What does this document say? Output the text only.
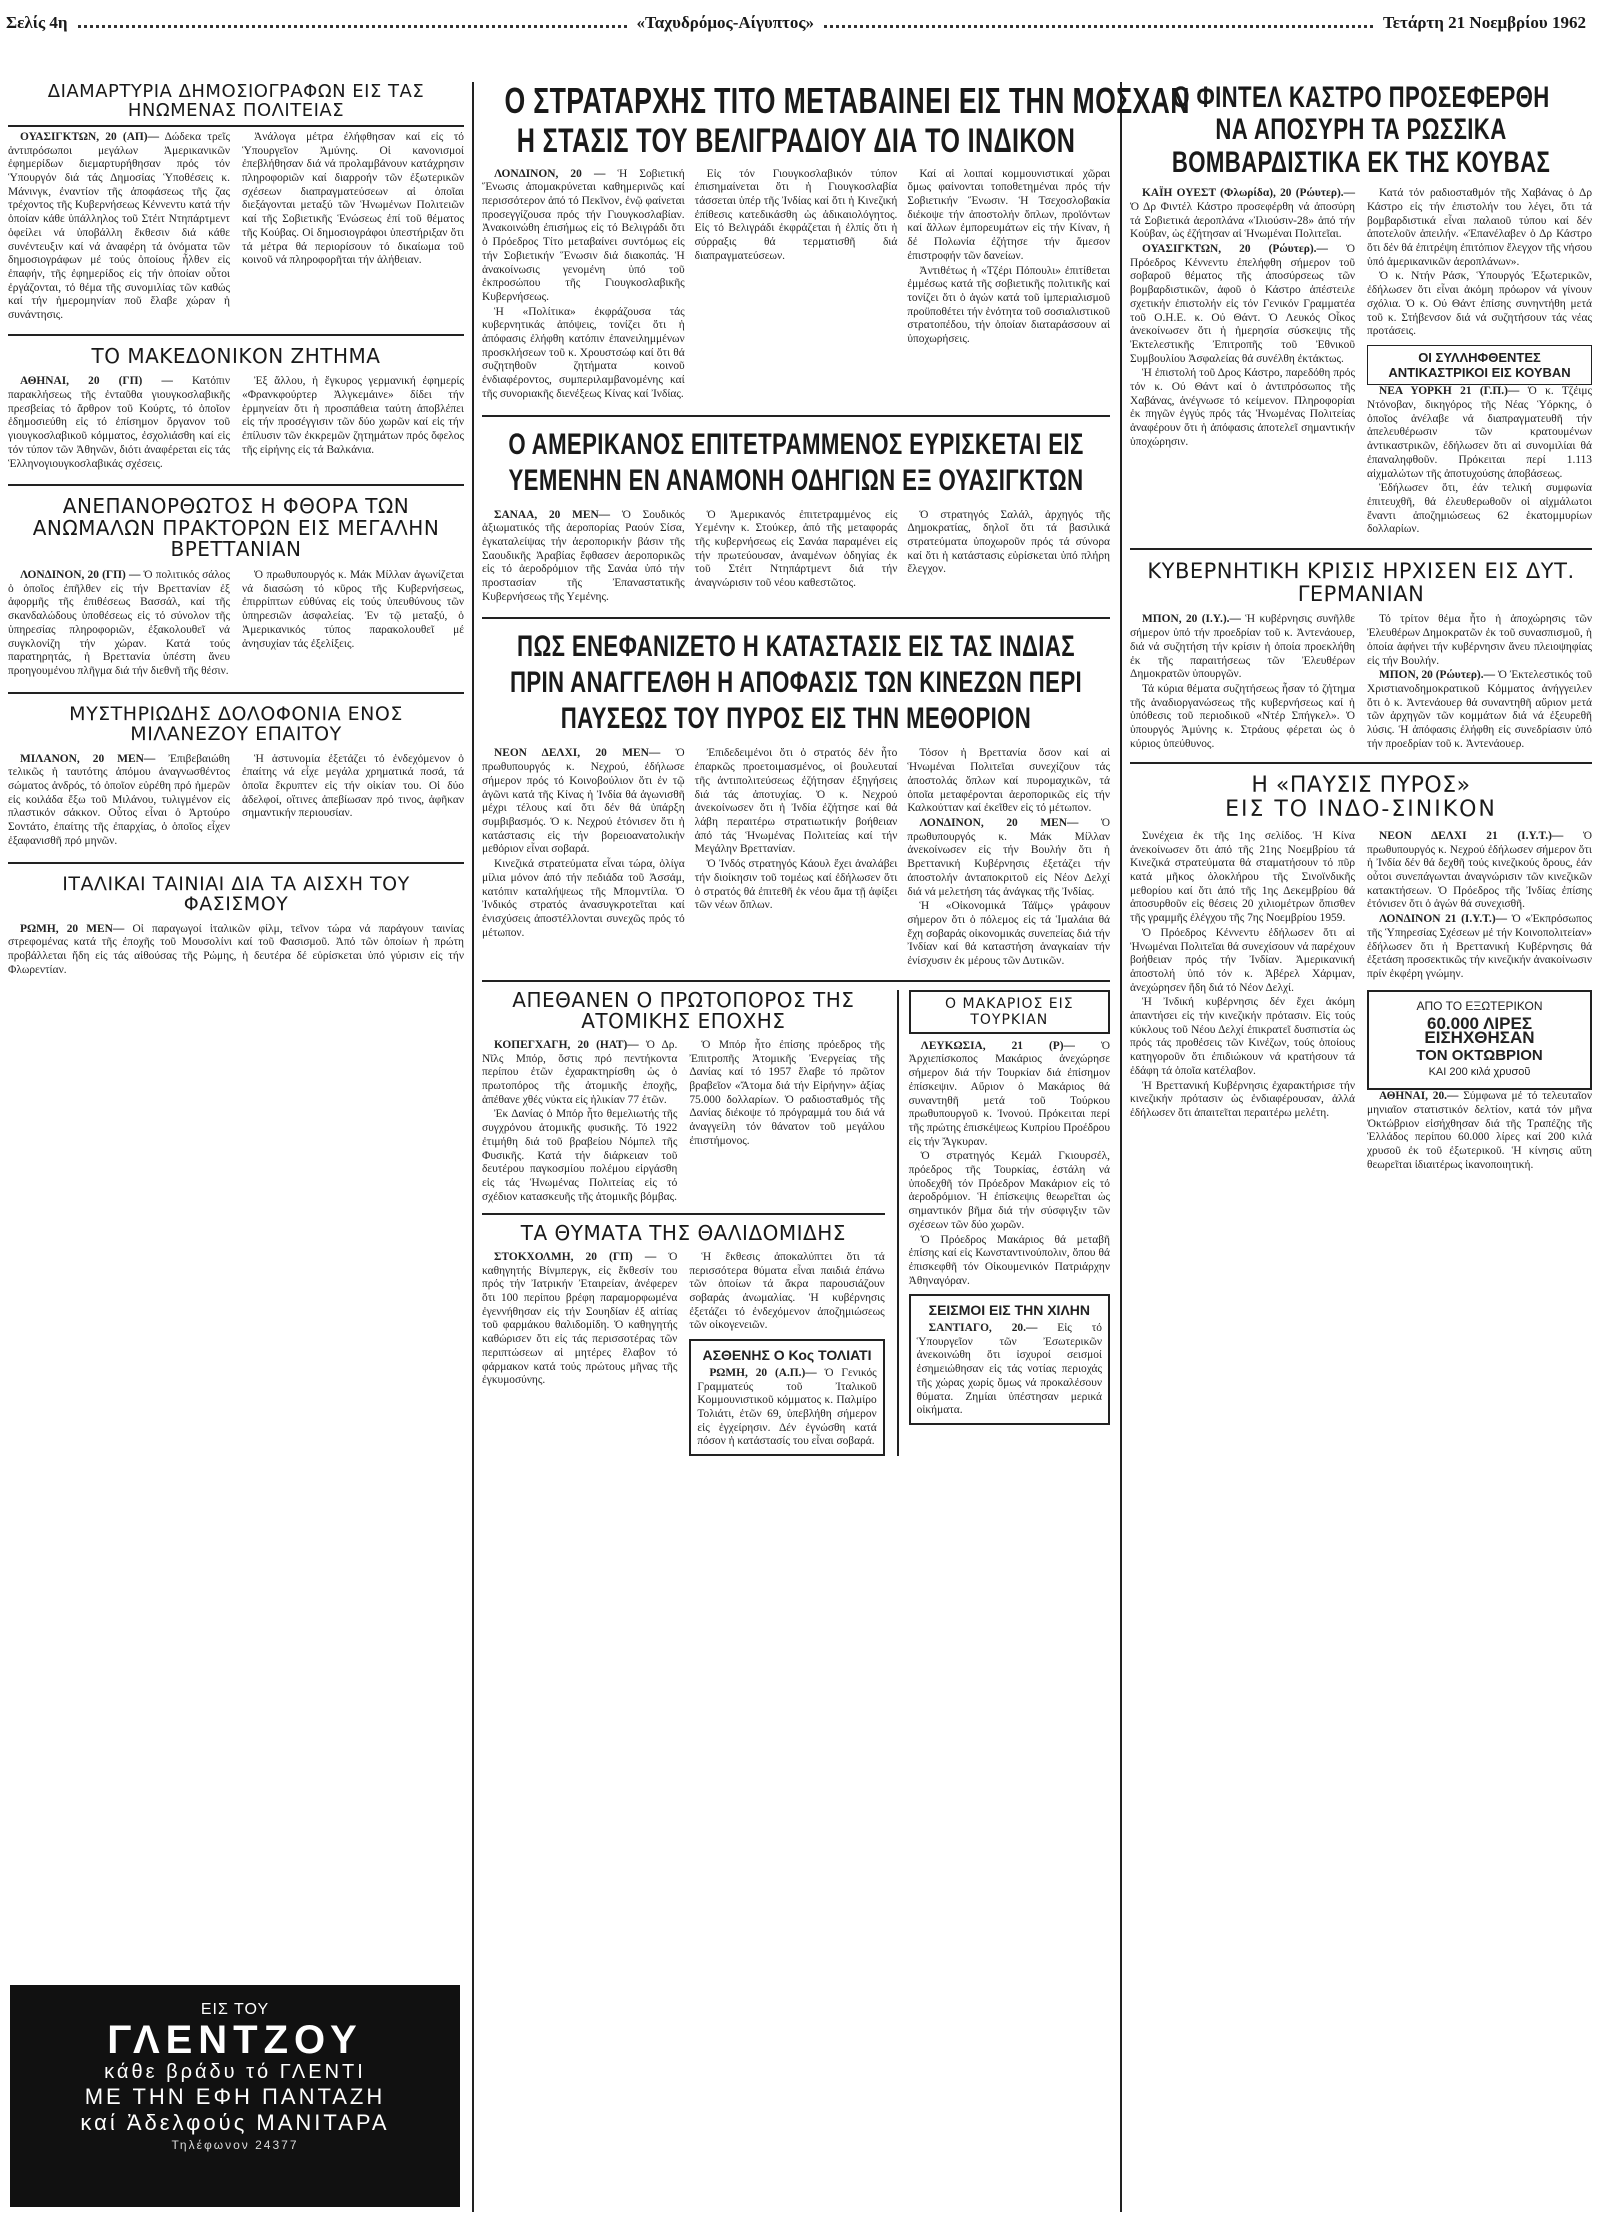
Σελίς 4η	«Ταχυδρόμος-Αίγυπτος»	Τετάρτη 21 Νοεμβρίου 1962
ΔΙΑΜΑΡΤΥΡΙΑ ΔΗΜΟΣΙΟΓΡΑΦΩΝ ΕΙΣ ΤΑΣ ΗΝΩΜΕΝΑΣ ΠΟΛΙΤΕΙΑΣ

ΟΥΑΣΙΓΚΤΩΝ, 20 (ΑΠ)— Δώδεκα τρεῖς ἀντιπρόσωποι μεγάλων Ἀμερικανικῶν ἐφημερίδων διεμαρτυρήθησαν πρός τόν Ὑπουργόν διά τάς Δημοσίας Ὑποθέσεις κ. Μάνινγκ, ἐναντίον τῆς ἀποφάσεως τῆς ζας τρέχοντος τῆς Κυβερνήσεως Κέννεντυ κατά τήν ὁποίαν κάθε ὑπάλληλος τοῦ Στέιτ Ντηπάρτμεντ ὀφείλει νά ὑποβάλλη ἔκθεσιν διά κάθε συνέντευξιν καί νά ἀναφέρη τά ὀνόματα τῶν δημοσιογράφων μέ τούς ὁποίους ἦλθεν εἰς ἐπαφήν, τῆς ἐφημερίδος εἰς τήν ὁποίαν οὗτοι ἐργάζονται, τό θέμα τῆς συνομιλίας τῶν καθώς καί τήν ἡμερομηνίαν ποῦ ἔλαβε χώραν ἡ συνάντησις.

Ἀνάλογα μέτρα ἐλήφθησαν καί εἰς τό Ὑπουργεῖον Ἀμύνης. Οἱ κανονισμοί ἐπεβλήθησαν διά νά προλαμβάνουν κατάχρησιν πληροφοριῶν καί διαρροήν τῶν ἐξωτερικῶν σχέσεων διαπραγματεύσεων αἱ ὁποῖαι διεξάγονται μεταξύ τῶν Ἡνωμένων Πολιτειῶν καί τῆς Σοβιετικῆς Ἑνώσεως ἐπί τοῦ θέματος τῆς Κούβας. Οἱ δημοσιογράφοι ὑπεστήριξαν ὅτι τά μέτρα θά περιορίσουν τό δικαίωμα τοῦ κοινοῦ νά πληροφορῆται τήν ἀλήθειαν.

ΤΟ ΜΑΚΕΔΟΝΙΚΟΝ ΖΗΤΗΜΑ

ΑΘΗΝΑΙ, 20 (ΓΠ) — Κατόπιν παρακλήσεως τῆς ἐνταῦθα γιουγκοσλαβικῆς πρεσβείας τό ἄρθρον τοῦ Κούρτς, τό ὁποῖον ἐδημοσιεύθη εἰς τό ἐπίσημον ὄργανον τοῦ γιουγκοσλαβικοῦ κόμματος, ἐσχολιάσθη καί εἰς τόν τύπον τῶν Ἀθηνῶν, διότι ἀναφέρεται εἰς τάς Ἑλληνογιουγκοσλαβικάς σχέσεις.

Ἐξ ἄλλου, ἡ ἔγκυρος γερμανική ἐφημερίς «Φρανκφούρτερ Ἀλγκεμάινε» δίδει τήν ἑρμηνείαν ὅτι ἡ προσπάθεια ταύτη ἀποβλέπει εἰς τήν προσέγγισιν τῶν δύο χωρῶν καί εἰς τήν ἐπίλυσιν τῶν ἐκκρεμῶν ζητημάτων πρός ὄφελος τῆς εἰρήνης εἰς τά Βαλκάνια.

ΑΝΕΠΑΝΟΡΘΩΤΟΣ Η ΦΘΟΡΑ ΤΩΝ ΑΝΩΜΑΛΩΝ ΠΡΑΚΤΟΡΩΝ ΕΙΣ ΜΕΓΑΛΗΝ ΒΡΕΤΤΑΝΙΑΝ

ΛΟΝΔΙΝΟΝ, 20 (ΓΠ) — Ὁ πολιτικός σάλος ὁ ὁποῖος ἐπῆλθεν εἰς τήν Βρεττανίαν ἐξ ἀφορμῆς τῆς ἐπιθέσεως Βασσάλ, καί τῆς σκανδαλώδους ὑποθέσεως εἰς τό σύνολον τῆς ὑπηρεσίας πληροφοριῶν, ἐξακολουθεῖ νά συγκλονίζη τήν χώραν. Κατά τούς παρατηρητάς, ἡ Βρεττανία ὑπέστη ἄνευ προηγουμένου πλῆγμα διά τήν διεθνῆ τῆς θέσιν.

Ὁ πρωθυπουργός κ. Μάκ Μίλλαν ἀγωνίζεται νά διασώση τό κῦρος τῆς Κυβερνήσεως, ἐπιρρίπτων εὐθύνας εἰς τούς ὑπευθύνους τῶν ὑπηρεσιῶν ἀσφαλείας. Ἐν τῷ μεταξύ, ὁ Ἀμερικανικός τύπος παρακολουθεῖ μέ ἀνησυχίαν τάς ἐξελίξεις.

ΜΥΣΤΗΡΙΩΔΗΣ ΔΟΛΟΦΟΝΙΑ ΕΝΟΣ ΜΙΛΑΝΕΖΟΥ ΕΠΑΙΤΟΥ

ΜΙΛΑΝΟΝ, 20 ΜΕΝ— Ἐπιβεβαιώθη τελικῶς ἡ ταυτότης ἀπόμου ἀναγνωσθέντος σώματος ἀνδρός, τό ὁποῖον εὑρέθη πρό ἡμερῶν εἰς κοιλάδα ἔξω τοῦ Μιλάνου, τυλιγμένον εἰς πλαστικόν σάκκον. Οὗτος εἶναι ὁ Ἀρτούρο Σοντάτο, ἐπαίτης τῆς ἐπαρχίας, ὁ ὁποῖος εἶχεν ἐξαφανισθῆ πρό μηνῶν.

Ἡ ἀστυνομία ἐξετάζει τό ἐνδεχόμενον ὁ ἐπαίτης νά εἶχε μεγάλα χρηματικά ποσά, τά ὁποῖα ἔκρυπτεν εἰς τήν οἰκίαν του. Οἱ δύο ἀδελφοί, οἵτινες ἀπεβίωσαν πρό τινος, ἀφῆκαν σημαντικήν περιουσίαν.

ΙΤΑΛΙΚΑΙ ΤΑΙΝΙΑΙ ΔΙΑ ΤΑ ΑΙΣΧΗ ΤΟΥ ΦΑΣΙΣΜΟΥ

ΡΩΜΗ, 20 ΜΕΝ— Οἱ παραγωγοί ἰταλικῶν φίλμ, τεῖνον τώρα νά παράγουν ταινίας στρεφομένας κατά τῆς ἐποχῆς τοῦ Μουσολίνι καί τοῦ Φασισμοῦ. Ἀπό τῶν ὁποίων ἡ πρώτη προβάλλεται ἤδη εἰς τάς αἰθούσας τῆς Ρώμης, ἡ δευτέρα δέ εὑρίσκεται ὑπό γύρισιν εἰς τήν Φλωρεντίαν.

ΕΙΣ ΤΟΥ
ΓΛΕΝΤΖΟΥ
κάθε βράδυ τό ΓΛΕΝΤΙ
ΜΕ ΤΗΝ ΕΦΗ ΠΑΝΤΑΖΗ
καί Ἀδελφούς ΜΑΝΙΤΑΡΑ
Τηλέφωνον 24377
Ο ΣΤΡΑΤΑΡΧΗΣ ΤΙΤΟ ΜΕΤΑΒΑΙΝΕΙ ΕΙΣ ΤΗΝ ΜΟΣΧΑΝ
Η ΣΤΑΣΙΣ ΤΟΥ ΒΕΛΙΓΡΑΔΙΟΥ ΔΙΑ ΤΟ ΙΝΔΙΚΟΝ

ΛΟΝΔΙΝΟΝ, 20 — Ἡ Σοβιετική Ἕνωσις ἀπομακρύνεται καθημερινῶς καί περισσότερον ἀπό τό Πεκῖνον, ἐνῷ φαίνεται προσεγγίζουσα πρός τήν Γιουγκοσλαβίαν. Ἀνακοινώθη ἐπισήμως εἰς τό Βελιγράδι ὅτι ὁ Πρόεδρος Τίτο μεταβαίνει συντόμως εἰς τήν Σοβιετικήν Ἕνωσιν διά διακοπάς. Ἡ ἀνακοίνωσις γενομένη ὑπό τοῦ ἐκπροσώπου τῆς Γιουγκοσλαβικῆς Κυβερνήσεως.

Ἡ «Πολίτικα» ἐκφράζουσα τάς κυβερνητικάς ἀπόψεις, τονίζει ὅτι ἡ ἀπόφασις ἐλήφθη κατόπιν ἐπανειλημμένων προσκλήσεων τοῦ κ. Χρουστσώφ καί ὅτι θά συζητηθοῦν ζητήματα κοινοῦ ἐνδιαφέροντος, συμπεριλαμβανομένης καί τῆς συνοριακῆς διενέξεως Κίνας καί Ἰνδίας.

Εἰς τόν Γιουγκοσλαβικόν τύπον ἐπισημαίνεται ὅτι ἡ Γιουγκοσλαβία τάσσεται ὑπέρ τῆς Ἰνδίας καί ὅτι ἡ Κινεζική ἐπίθεσις κατεδικάσθη ὡς ἀδικαιολόγητος. Εἰς τό Βελιγράδι ἐκφράζεται ἡ ἐλπίς ὅτι ἡ σύρραξις θά τερματισθῆ διά διαπραγματεύσεων.

Καί αἱ λοιπαί κομμουνιστικαί χῶραι ὅμως φαίνονται τοποθετημέναι πρός τήν Σοβιετικήν Ἕνωσιν. Ἡ Τσεχοσλοβακία διέκοψε τήν ἀποστολήν ὅπλων, προϊόντων καί ἄλλων ἐμπορευμάτων εἰς τήν Κίναν, ἡ δέ Πολωνία ἐζήτησε τήν ἄμεσον ἐπιστροφήν τῶν δανείων.

Ἀντιθέτως ἡ «Τζέρι Πόπουλι» ἐπιτίθεται ἐμμέσως κατά τῆς σοβιετικῆς πολιτικῆς καί τονίζει ὅτι ὁ ἀγών κατά τοῦ ἰμπεριαλισμοῦ προϋποθέτει τήν ἑνότητα τοῦ σοσιαλιστικοῦ στρατοπέδου, τήν ὁποίαν διαταράσσουν αἱ ὑποχωρήσεις.

Ο ΑΜΕΡΙΚΑΝΟΣ ΕΠΙΤΕΤΡΑΜΜΕΝΟΣ ΕΥΡΙΣΚΕΤΑΙ ΕΙΣ ΥΕΜΕΝΗΝ ΕΝ ΑΝΑΜΟΝΗ ΟΔΗΓΙΩΝ ΕΞ ΟΥΑΣΙΓΚΤΩΝ

ΣΑΝΑΑ, 20 ΜΕΝ— Ὁ Σουδικός ἀξιωματικός τῆς ἀεροπορίας Ραούν Σίσα, ἐγκαταλείψας τήν ἀεροπορικήν βάσιν τῆς Σαουδικῆς Ἀραβίας ἔφθασεν ἀεροπορικῶς εἰς τό ἀεροδρόμιον τῆς Σανάα ὑπό τήν προστασίαν τῆς Ἐπαναστατικῆς Κυβερνήσεως τῆς Υεμένης.

Ὁ Ἀμερικανός ἐπιτετραμμένος εἰς Υεμένην κ. Στούκερ, ἀπό τῆς μεταφοράς τῆς κυβερνήσεως εἰς Σανάα παραμένει εἰς τήν πρωτεύουσαν, ἀναμένων ὁδηγίας ἐκ τοῦ Στέιτ Ντηπάρτμεντ διά τήν ἀναγνώρισιν τοῦ νέου καθεστῶτος.

Ὁ στρατηγός Σαλάλ, ἀρχηγός τῆς Δημοκρατίας, δηλοῖ ὅτι τά βασιλικά στρατεύματα ὑποχωροῦν πρός τά σύνορα καί ὅτι ἡ κατάστασις εὑρίσκεται ὑπό πλήρη ἔλεγχον.

ΠΩΣ ΕΝΕΦΑΝΙΖΕΤΟ Η ΚΑΤΑΣΤΑΣΙΣ ΕΙΣ ΤΑΣ ΙΝΔΙΑΣ ΠΡΙΝ ΑΝΑΓΓΕΛΘΗ Η ΑΠΟΦΑΣΙΣ ΤΩΝ ΚΙΝΕΖΩΝ ΠΕΡΙ ΠΑΥΣΕΩΣ ΤΟΥ ΠΥΡΟΣ ΕΙΣ ΤΗΝ ΜΕΘΟΡΙΟΝ

ΝΕΟΝ ΔΕΛΧΙ, 20 ΜΕΝ— Ὁ πρωθυπουργός κ. Νεχρού, ἐδήλωσε σήμερον πρός τό Κοινοβούλιον ὅτι ἐν τῷ ἀγῶνι κατά τῆς Κίνας ἡ Ἰνδία θά ἀγωνισθῆ μέχρι τέλους καί ὅτι δέν θά ὑπάρξη συμβιβασμός. Ὁ κ. Νεχρού ἐτόνισεν ὅτι ἡ κατάστασις εἰς τήν βορειοανατολικήν μεθόριον εἶναι σοβαρά.

Κινεζικά στρατεύματα εἶναι τώρα, ὁλίγα μίλια μόνον ἀπό τήν πεδιάδα τοῦ Ἀσσάμ, κατόπιν καταλήψεως τῆς Μπομντίλα. Ὁ Ἰνδικός στρατός ἀνασυγκροτεῖται καί ἐνισχύσεις ἀποστέλλονται συνεχῶς πρός τό μέτωπον.

Ἐπιδεδειμένοι ὅτι ὁ στρατός δέν ἦτο ἐπαρκῶς προετοιμασμένος, οἱ βουλευταί τῆς ἀντιπολιτεύσεως ἐζήτησαν ἐξηγήσεις διά τάς ἀποτυχίας. Ὁ κ. Νεχρού ἀνεκοίνωσεν ὅτι ἡ Ἰνδία ἐζήτησε καί θά λάβη περαιτέρω στρατιωτικήν βοήθειαν ἀπό τάς Ἡνωμένας Πολιτείας καί τήν Μεγάλην Βρεττανίαν.

Ὁ Ἰνδός στρατηγός Κάουλ ἔχει ἀναλάβει τήν διοίκησιν τοῦ τομέως καί ἐδήλωσεν ὅτι ὁ στρατός θά ἐπιτεθῆ ἐκ νέου ἅμα τῇ ἀφίξει τῶν νέων ὅπλων.

Τόσον ἡ Βρεττανία ὅσον καί αἱ Ἡνωμέναι Πολιτεῖαι συνεχίζουν τάς ἀποστολάς ὅπλων καί πυρομαχικῶν, τά ὁποῖα μεταφέρονται ἀεροπορικῶς εἰς τήν Καλκούτταν καί ἐκεῖθεν εἰς τό μέτωπον.

ΛΟΝΔΙΝΟΝ, 20 ΜΕΝ— Ὁ πρωθυπουργός κ. Μάκ Μίλλαν ἀνεκοίνωσεν εἰς τήν Βουλήν ὅτι ἡ Βρεττανική Κυβέρνησις ἐξετάζει τήν ἀποστολήν ἀνταποκριτοῦ εἰς Νέον Δελχί διά νά μελετήση τάς ἀνάγκας τῆς Ἰνδίας.

Ἡ «Οἰκονομικά Τάϊμς» γράφουν σήμερον ὅτι ὁ πόλεμος εἰς τά Ἱμαλάια θά ἔχη σοβαράς οἰκονομικάς συνεπείας διά τήν Ἰνδίαν καί θά καταστήση ἀναγκαίαν τήν ἐνίσχυσιν ἐκ μέρους τῶν Δυτικῶν.

ΑΠΕΘΑΝΕΝ Ο ΠΡΩΤΟΠΟΡΟΣ ΤΗΣ ΑΤΟΜΙΚΗΣ ΕΠΟΧΗΣ

ΚΟΠΕΓΧΑΓΗ, 20 (ΗΑΤ)— Ὁ Δρ. Νῖλς Μπόρ, ὅστις πρό πεντήκοντα περίπου ἐτῶν ἐχαρακτηρίσθη ὡς ὁ πρωτοπόρος τῆς ἀτομικῆς ἐποχῆς, ἀπέθανε χθές νύκτα εἰς ἡλικίαν 77 ἐτῶν.

Ἐκ Δανίας ὁ Μπόρ ἦτο θεμελιωτής τῆς συγχρόνου ἀτομικῆς φυσικῆς. Τό 1922 ἐτιμήθη διά τοῦ βραβείου Νόμπελ τῆς Φυσικῆς. Κατά τήν διάρκειαν τοῦ δευτέρου παγκοσμίου πολέμου εἰργάσθη εἰς τάς Ἡνωμένας Πολιτείας εἰς τό σχέδιον κατασκευῆς τῆς ἀτομικῆς βόμβας.

Ὁ Μπόρ ἦτο ἐπίσης πρόεδρος τῆς Ἐπιτροπῆς Ἀτομικῆς Ἐνεργείας τῆς Δανίας καί τό 1957 ἔλαβε τό πρῶτον βραβεῖον «Ἄτομα διά τήν Εἰρήνην» ἀξίας 75.000 δολλαρίων. Ὁ ραδιοσταθμός τῆς Δανίας διέκοψε τό πρόγραμμά του διά νά ἀναγγείλη τόν θάνατον τοῦ μεγάλου ἐπιστήμονος.

ΤΑ ΘΥΜΑΤΑ ΤΗΣ ΘΑΛΙΔΟΜΙΔΗΣ

ΣΤΟΚΧΟΛΜΗ, 20 (ΓΠ) — Ὁ καθηγητής Βίνμπεργκ, εἰς ἔκθεσίν του πρός τήν Ἰατρικήν Ἐταιρείαν, ἀνέφερεν ὅτι 100 περίπου βρέφη παραμορφωμένα ἐγεννήθησαν εἰς τήν Σουηδίαν ἐξ αἰτίας τοῦ φαρμάκου θαλιδομίδη. Ὁ καθηγητής καθώρισεν ὅτι εἰς τάς περισσοτέρας τῶν περιπτώσεων αἱ μητέρες ἔλαβον τό φάρμακον κατά τούς πρώτους μῆνας τῆς ἐγκυμοσύνης.

Ἡ ἔκθεσις ἀποκαλύπτει ὅτι τά περισσότερα θύματα εἶναι παιδιά ἐπάνω τῶν ὁποίων τά ἄκρα παρουσιάζουν σοβαράς ἀνωμαλίας. Ἡ κυβέρνησις ἐξετάζει τό ἐνδεχόμενον ἀποζημιώσεως τῶν οἰκογενειῶν.

ΑΣΘΕΝΗΣ Ο Κος ΤΟΛΙΑΤΙ

ΡΩΜΗ, 20 (Α.Π.)— Ὁ Γενικός Γραμματεύς τοῦ Ἰταλικοῦ Κομμουνιστικοῦ κόμματος κ. Παλμίρο Τολιάτι, ἐτῶν 69, ὑπεβλήθη σήμερον εἰς ἐγχείρησιν. Δέν ἐγνώσθη κατά πόσον ἡ κατάστασίς του εἶναι σοβαρά.

Ο ΜΑΚΑΡΙΟΣ ΕΙΣ ΤΟΥΡΚΙΑΝ

ΛΕΥΚΩΣΙΑ, 21 (Ρ)— Ὁ Ἀρχιεπίσκοπος Μακάριος ἀνεχώρησε σήμερον διά τήν Τουρκίαν διά ἐπίσημον ἐπίσκεψιν. Αὔριον ὁ Μακάριος θά συναντηθῆ μετά τοῦ Τούρκου πρωθυπουργοῦ κ. Ἰνονού. Πρόκειται περί τῆς πρώτης ἐπισκέψεως Κυπρίου Προέδρου εἰς τήν Ἄγκυραν.

Ὁ στρατηγός Κεμάλ Γκιουρσέλ, πρόεδρος τῆς Τουρκίας, ἐστάλη νά ὑποδεχθῆ τόν Πρόεδρον Μακάριον εἰς τό ἀεροδρόμιον. Ἡ ἐπίσκεψις θεωρεῖται ὡς σημαντικόν βῆμα διά τήν σύσφιγξιν τῶν σχέσεων τῶν δύο χωρῶν.

Ὁ Πρόεδρος Μακάριος θά μεταβῆ ἐπίσης καί εἰς Κωνσταντινούπολιν, ὅπου θά ἐπισκεφθῆ τόν Οἰκουμενικόν Πατριάρχην Ἀθηναγόραν.

ΣΕΙΣΜΟΙ ΕΙΣ ΤΗΝ ΧΙΛΗΝ

ΣΑΝΤΙΑΓΟ, 20.— Εἰς τό Ὑπουργεῖον τῶν Ἐσωτερικῶν ἀνεκοινώθη ὅτι ἰσχυροί σεισμοί ἐσημειώθησαν εἰς τάς νοτίας περιοχάς τῆς χώρας χωρίς ὅμως νά προκαλέσουν θύματα. Ζημίαι ὑπέστησαν μερικά οἰκήματα.

Ο ΦΙΝΤΕΛ ΚΑΣΤΡΟ ΠΡΟΣΕΦΕΡΘΗ
ΝΑ ΑΠΟΣΥΡΗ ΤΑ ΡΩΣΣΙΚΑ
ΒΟΜΒΑΡΔΙΣΤΙΚΑ ΕΚ ΤΗΣ ΚΟΥΒΑΣ

ΚΑΪΗ ΟΥΕΣΤ (Φλωρίδα), 20 (Ρώυτερ).— Ὁ Δρ Φιντέλ Κάστρο προσεφέρθη νά ἀποσύρη τά Σοβιετικά ἀεροπλάνα «Ἰλιούσιν-28» ἀπό τήν Κούβαν, ὡς ἐζήτησαν αἱ Ἡνωμέναι Πολιτεῖαι.

ΟΥΑΣΙΓΚΤΩΝ, 20 (Ρώυτερ).— Ὁ Πρόεδρος Κέννεντυ ἐπελήφθη σήμερον τοῦ σοβαροῦ θέματος τῆς ἀποσύρσεως τῶν βομβαρδιστικῶν, ἀφοῦ ὁ Κάστρο ἀπέστειλε σχετικήν ἐπιστολήν εἰς τόν Γενικόν Γραμματέα τοῦ Ο.Η.Ε. κ. Ού Θάντ. Ὁ Λευκός Οἶκος ἀνεκοίνωσεν ὅτι ἡ ἡμερησία σύσκεψις τῆς Ἐκτελεστικῆς Ἐπιτροπῆς τοῦ Ἐθνικοῦ Συμβουλίου Ἀσφαλείας θά συνέλθη ἐκτάκτως.

Ἡ ἐπιστολή τοῦ Δρος Κάστρο, παρεδόθη πρός τόν κ. Ού Θάντ καί ὁ ἀντιπρόσωπος τῆς Χαβάνας, ἀνέγνωσε τό κείμενον. Πληροφορίαι ἐκ πηγῶν ἐγγύς πρός τάς Ἡνωμένας Πολιτείας ἀναφέρουν ὅτι ἡ ἀπόφασις ἀποτελεῖ σημαντικήν ὑποχώρησιν.

Κατά τόν ραδιοσταθμόν τῆς Χαβάνας ὁ Δρ Κάστρο εἰς τήν ἐπιστολήν του λέγει, ὅτι τά βομβαρδιστικά εἶναι παλαιοῦ τύπου καί δέν ἀποτελοῦν ἀπειλήν. «Ἐπανέλαβεν ὁ Δρ Κάστρο ὅτι δέν θά ἐπιτρέψη ἐπιτόπιον ἔλεγχον τῆς νήσου ὑπό ἀμερικανικῶν ἀεροπλάνων».

Ὁ κ. Ντήν Ράσκ, Ὑπουργός Ἐξωτερικῶν, ἐδήλωσεν ὅτι εἶναι ἀκόμη πρόωρον νά γίνουν σχόλια. Ὁ κ. Ού Θάντ ἐπίσης συνηντήθη μετά τοῦ κ. Στήβενσον διά νά συζητήσουν τάς νέας προτάσεις.

ΟΙ ΣΥΛΛΗΦΘΕΝΤΕΣ
ΑΝΤΙΚΑΣΤΡΙΚΟΙ ΕΙΣ ΚΟΥΒΑΝ

ΝΕΑ ΥΟΡΚΗ 21 (Γ.Π.)— Ὁ κ. Τζέιμς Ντόνοβαν, δικηγόρος τῆς Νέας Ὑόρκης, ὁ ὁποῖος ἀνέλαβε νά διαπραγματευθῆ τήν ἀπελευθέρωσιν τῶν κρατουμένων ἀντικαστρικῶν, ἐδήλωσεν ὅτι αἱ συνομιλίαι θά ἐπαναληφθοῦν. Πρόκειται περί 1.113 αἰχμαλώτων τῆς ἀποτυχούσης ἀποβάσεως.

Ἐδήλωσεν ὅτι, ἐάν τελική συμφωνία ἐπιτευχθῆ, θά ἐλευθερωθοῦν οἱ αἰχμάλωτοι ἔναντι ἀποζημιώσεως 62 ἑκατομμυρίων δολλαρίων.

ΚΥΒΕΡΝΗΤΙΚΗ ΚΡΙΣΙΣ ΗΡΧΙΣΕΝ ΕΙΣ ΔΥΤ. ΓΕΡΜΑΝΙΑΝ

ΜΠΟΝ, 20 (Ι.Υ.).— Ἡ κυβέρνησις συνῆλθε σήμερον ὑπό τήν προεδρίαν τοῦ κ. Ἀντενάουερ, διά νά συζητήση τήν κρίσιν ἡ ὁποία προεκλήθη ἐκ τῆς παραιτήσεως τῶν Ἐλευθέρων Δημοκρατῶν ὑπουργῶν.

Τά κύρια θέματα συζητήσεως ἦσαν τό ζήτημα τῆς ἀναδιοργανώσεως τῆς κυβερνήσεως καί ἡ ὑπόθεσις τοῦ περιοδικοῦ «Ντέρ Σπήγκελ». Ὁ ὑπουργός Ἀμύνης κ. Στράους φέρεται ὡς ὁ κύριος ὑπεύθυνος.

Τό τρίτον θέμα ἦτο ἡ ἀποχώρησις τῶν Ἐλευθέρων Δημοκρατῶν ἐκ τοῦ συνασπισμοῦ, ἡ ὁποία ἀφήνει τήν κυβέρνησιν ἄνευ πλειοψηφίας εἰς τήν Βουλήν.

ΜΠΟΝ, 20 (Ρώυτερ).— Ὁ Ἐκτελεστικός τοῦ Χριστιανοδημοκρατικοῦ Κόμματος ἀνήγγειλεν ὅτι ὁ κ. Ἀντενάουερ θά συναντηθῆ αὔριον μετά τῶν ἀρχηγῶν τῶν κομμάτων διά νά ἐξευρεθῆ λύσις. Ἡ ἀπόφασις ἐλήφθη εἰς συνεδρίασιν ὑπό τήν προεδρίαν τοῦ κ. Ἀντενάουερ.

Η «ΠΑΥΣΙΣ ΠΥΡΟΣ»
ΕΙΣ ΤΟ ΙΝΔΟ-ΣΙΝΙΚΟΝ

Συνέχεια ἐκ τῆς 1ης σελίδος. Ἡ Κίνα ἀνεκοίνωσεν ὅτι ἀπό τῆς 21ης Νοεμβρίου τά Κινεζικά στρατεύματα θά σταματήσουν τό πῦρ κατά μῆκος ὁλοκλήρου τῆς Σινοϊνδικῆς μεθορίου καί ὅτι ἀπό τῆς 1ης Δεκεμβρίου θά ἀποσυρθοῦν εἰς θέσεις 20 χιλιομέτρων ὄπισθεν τῆς γραμμῆς ἐλέγχου τῆς 7ης Νοεμβρίου 1959.

Ὁ Πρόεδρος Κέννεντυ ἐδήλωσεν ὅτι αἱ Ἡνωμέναι Πολιτεῖαι θά συνεχίσουν νά παρέχουν βοήθειαν πρός τήν Ἰνδίαν. Ἀμερικανική ἀποστολή ὑπό τόν κ. Ἀβέρελ Χάριμαν, ἀνεχώρησεν ἤδη διά τό Νέον Δελχί.

Ἡ Ἰνδική κυβέρνησις δέν ἔχει ἀκόμη ἀπαντήσει εἰς τήν κινεζικήν πρότασιν. Εἰς τούς κύκλους τοῦ Νέου Δελχί ἐπικρατεῖ δυσπιστία ὡς πρός τάς προθέσεις τῶν Κινέζων, τούς ὁποίους κατηγοροῦν ὅτι ἐπιδιώκουν νά κρατήσουν τά ἐδάφη τά ὁποῖα κατέλαβον.

Ἡ Βρεττανική Κυβέρνησις ἐχαρακτήρισε τήν κινεζικήν πρότασιν ὡς ἐνδιαφέρουσαν, ἀλλά ἐδήλωσεν ὅτι ἀπαιτεῖται περαιτέρω μελέτη.

ΝΕΟΝ ΔΕΛΧΙ 21 (Ι.Υ.Τ.)— Ὁ πρωθυπουργός κ. Νεχρού ἐδήλωσεν σήμερον ὅτι ἡ Ἰνδία δέν θά δεχθῆ τούς κινεζικούς ὅρους, ἐάν οὗτοι συνεπάγωνται ἀναγνώρισιν τῶν κινεζικῶν κατακτήσεων. Ὁ Πρόεδρος τῆς Ἰνδίας ἐπίσης ἐτόνισεν ὅτι ὁ ἀγών θά συνεχισθῆ.

ΛΟΝΔΙΝΟΝ 21 (Ι.Υ.Τ.)— Ὁ «Ἐκπρόσωπος τῆς Ὑπηρεσίας Σχέσεων μέ τήν Κοινοπολιτείαν» ἐδήλωσεν ὅτι ἡ Βρεττανική Κυβέρνησις θά ἐξετάση προσεκτικῶς τήν κινεζικήν ἀνακοίνωσιν πρίν ἐκφέρη γνώμην.

ΑΠΟ ΤΟ ΕΞΩΤΕΡΙΚΟΝ
60.000 ΛΙΡΕΣ ΕΙΣΗΧΘΗΣΑΝ
ΤΟΝ ΟΚΤΩΒΡΙΟΝ
ΚΑΙ 200 κιλά χρυσοῦ

ΑΘΗΝΑΙ, 20.— Σύμφωνα μέ τό τελευταῖον μηνιαῖον στατιστικόν δελτίον, κατά τόν μῆνα Ὀκτώβριον εἰσήχθησαν διά τῆς Τραπέζης τῆς Ἑλλάδος περίπου 60.000 λίρες καί 200 κιλά χρυσοῦ ἐκ τοῦ ἐξωτερικοῦ. Ἡ κίνησις αὕτη θεωρεῖται ἰδιαιτέρως ἱκανοποιητική.
